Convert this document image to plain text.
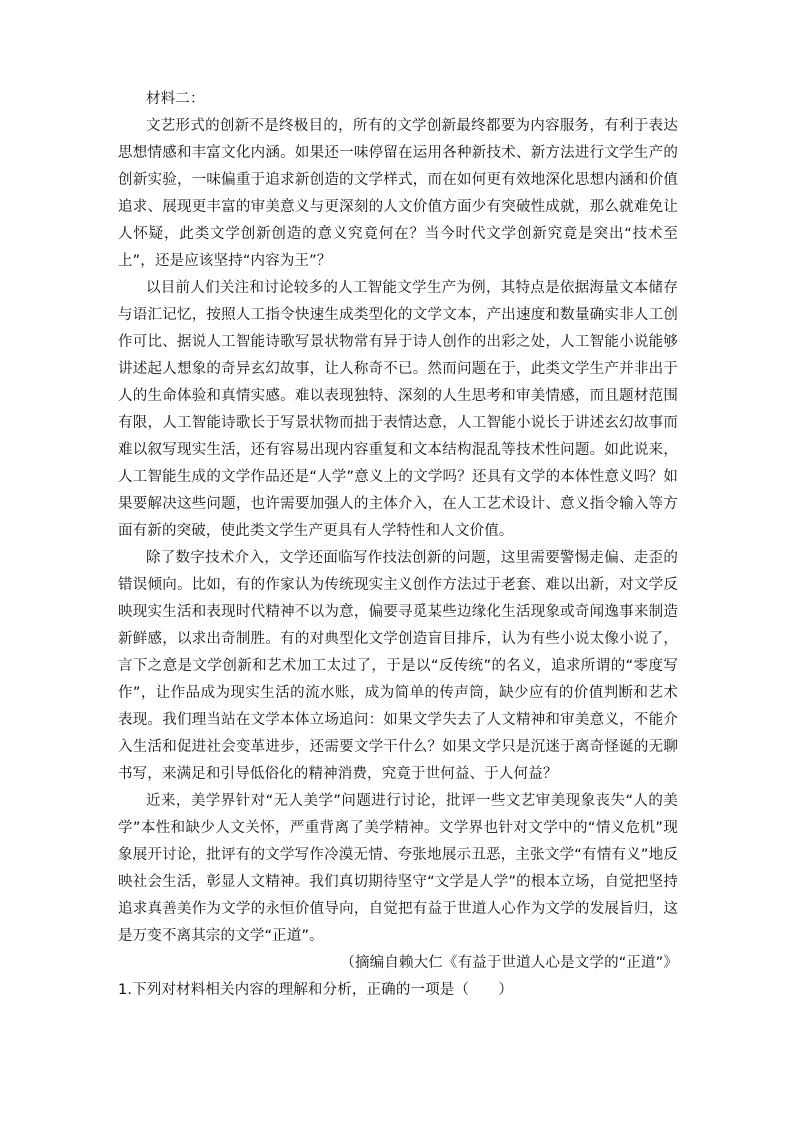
材料二：

文艺形式的创新不是终极目的，所有的文学创新最终都要为内容服务，有利于表达思想情感和丰富文化内涵。如果还一味停留在运用各种新技术、新方法进行文学生产的创新实验，一味偏重于追求新创造的文学样式，而在如何更有效地深化思想内涵和价值追求、展现更丰富的审美意义与更深刻的人文价值方面少有突破性成就，那么就难免让人怀疑，此类文学创新创造的意义究竟何在？当今时代文学创新究竟是突出“技术至上”，还是应该坚持“内容为王”？

以目前人们关注和讨论较多的人工智能文学生产为例，其特点是依据海量文本储存与语汇记忆，按照人工指令快速生成类型化的文学文本，产出速度和数量确实非人工创作可比、据说人工智能诗歌写景状物常有异于诗人创作的出彩之处，人工智能小说能够讲述起人想象的奇异玄幻故事，让人称奇不已。然而问题在于，此类文学生产并非出于人的生命体验和真情实感。难以表现独特、深刻的人生思考和审美情感，而且题材范围有限，人工智能诗歌长于写景状物而拙于表情达意，人工智能小说长于讲述玄幻故事而难以叙写现实生活，还有容易出现内容重复和文本结构混乱等技术性问题。如此说来，人工智能生成的文学作品还是“人学”意义上的文学吗？还具有文学的本体性意义吗？如果要解决这些问题，也许需要加强人的主体介入，在人工艺术设计、意义指令输入等方面有新的突破，使此类文学生产更具有人学特性和人文价值。

除了数字技术介入，文学还面临写作技法创新的问题，这里需要警惕走偏、走歪的错误倾向。比如，有的作家认为传统现实主义创作方法过于老套、难以出新，对文学反映现实生活和表现时代精神不以为意，偏要寻觅某些边缘化生活现象或奇闻逸事来制造新鲜感，以求出奇制胜。有的对典型化文学创造盲目排斥，认为有些小说太像小说了，言下之意是文学创新和艺术加工太过了，于是以“反传统”的名义，追求所谓的“零度写作”，让作品成为现实生活的流水账，成为简单的传声筒，缺少应有的价值判断和艺术表现。我们理当站在文学本体立场追问：如果文学失去了人文精神和审美意义，不能介入生活和促进社会变革进步，还需要文学干什么？如果文学只是沉迷于离奇怪诞的无聊书写，来满足和引导低俗化的精神消费，究竟于世何益、于人何益？

近来，美学界针对“无人美学”问题进行讨论，批评一些文艺审美现象丧失“人的美学”本性和缺少人文关怀，严重背离了美学精神。文学界也针对文学中的“情义危机”现象展开讨论，批评有的文学写作冷漠无情、夸张地展示丑恶，主张文学“有情有义”地反映社会生活，彰显人文精神。我们真切期待坚守“文学是人学”的根本立场，自觉把坚持追求真善美作为文学的永恒价值导向，自觉把有益于世道人心作为文学的发展旨归，这是万变不离其宗的文学“正道”。

（摘编自赖大仁《有益于世道人心是文学的“正道”》

1.下列对材料相关内容的理解和分析，正确的一项是（　　）
